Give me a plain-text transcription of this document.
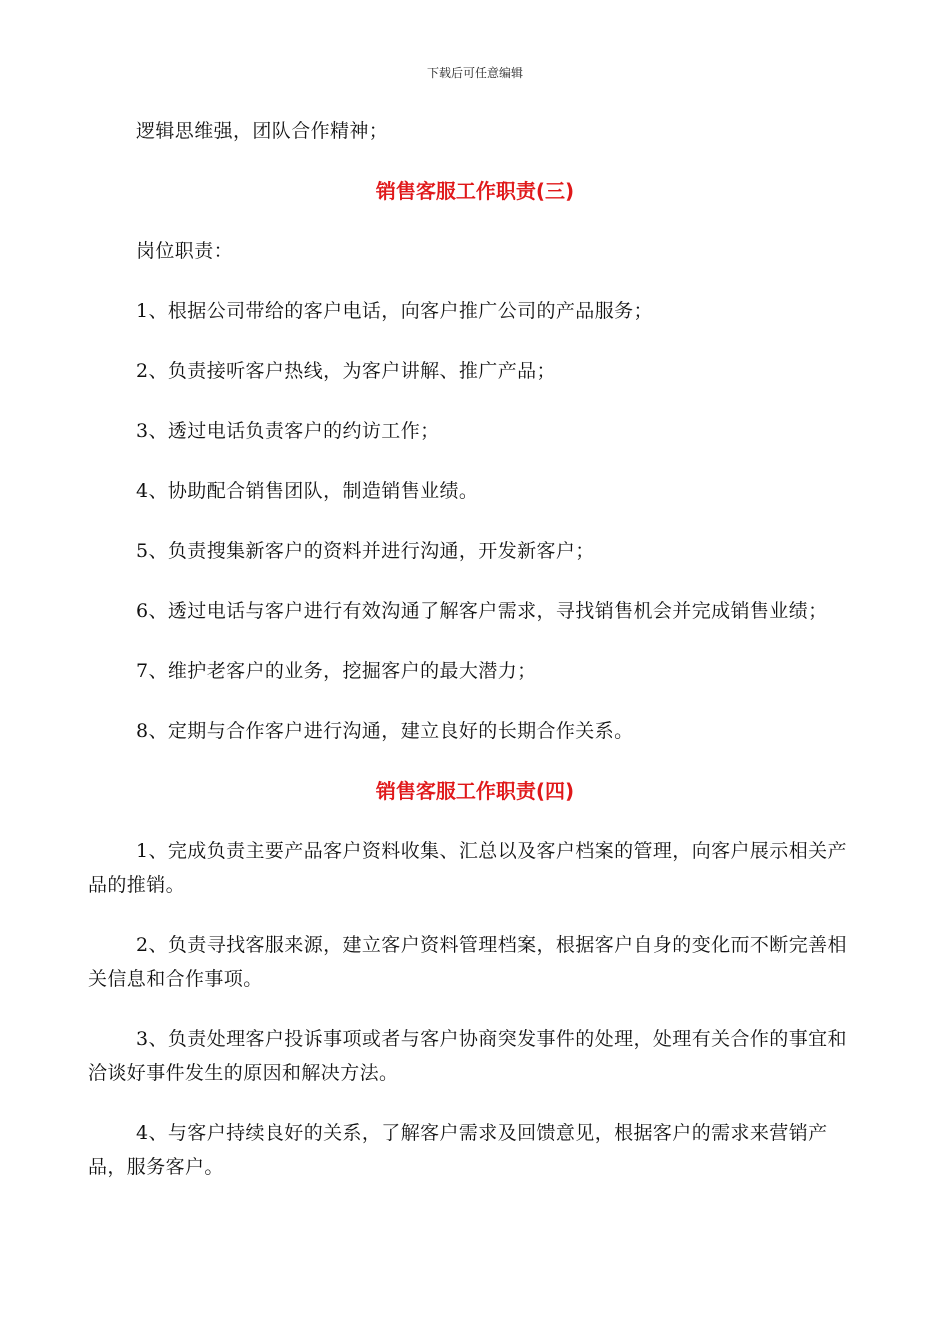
下载后可任意编辑

逻辑思维强，团队合作精神；

销售客服工作职责(三)

岗位职责：

1、根据公司带给的客户电话，向客户推广公司的产品服务；

2、负责接听客户热线，为客户讲解、推广产品；

3、透过电话负责客户的约访工作；

4、协助配合销售团队，制造销售业绩。

5、负责搜集新客户的资料并进行沟通，开发新客户；

6、透过电话与客户进行有效沟通了解客户需求，寻找销售机会并完成销售业绩；

7、维护老客户的业务，挖掘客户的最大潜力；

8、定期与合作客户进行沟通，建立良好的长期合作关系。

销售客服工作职责(四)

1、完成负责主要产品客户资料收集、汇总以及客户档案的管理，向客户展示相关产品的推销。

2、负责寻找客服来源，建立客户资料管理档案，根据客户自身的变化而不断完善相关信息和合作事项。

3、负责处理客户投诉事项或者与客户协商突发事件的处理，处理有关合作的事宜和洽谈好事件发生的原因和解决方法。

4、与客户持续良好的关系，了解客户需求及回馈意见，根据客户的需求来营销产品，服务客户。
